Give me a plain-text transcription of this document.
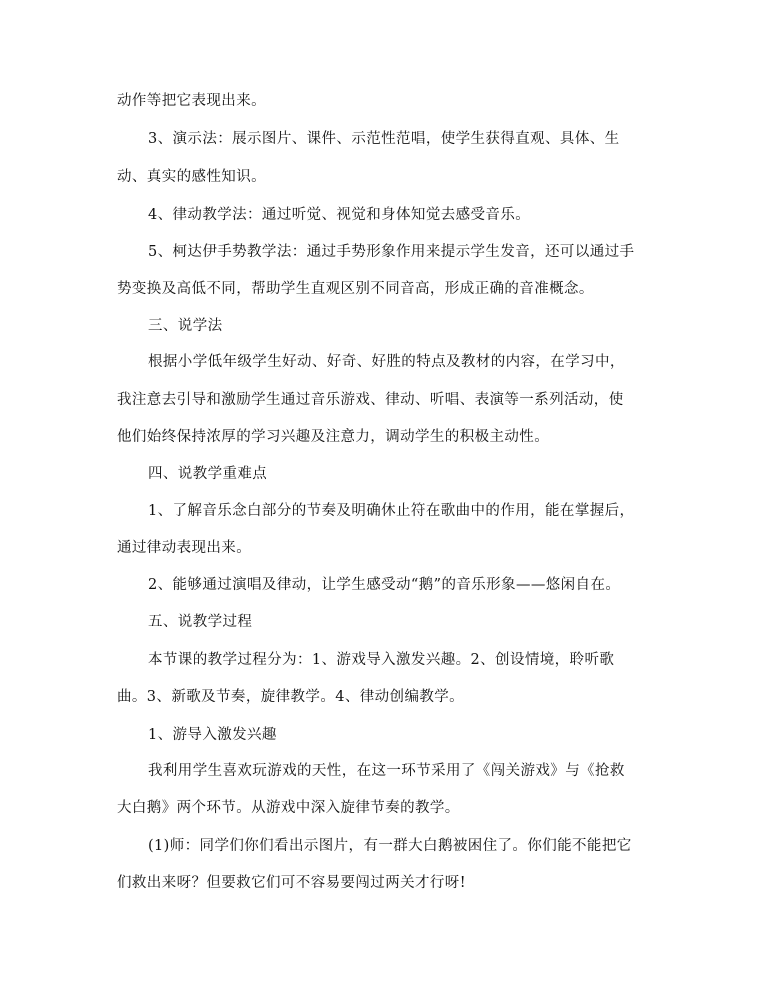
动作等把它表现出来。
3、演示法：展示图片、课件、示范性范唱，使学生获得直观、具体、生
动、真实的感性知识。
4、律动教学法：通过听觉、视觉和身体知觉去感受音乐。
5、柯达伊手势教学法：通过手势形象作用来提示学生发音，还可以通过手
势变换及高低不同，帮助学生直观区别不同音高，形成正确的音准概念。
三、说学法
根据小学低年级学生好动、好奇、好胜的特点及教材的内容，在学习中，
我注意去引导和激励学生通过音乐游戏、律动、听唱、表演等一系列活动，使
他们始终保持浓厚的学习兴趣及注意力，调动学生的积极主动性。
四、说教学重难点
1、了解音乐念白部分的节奏及明确休止符在歌曲中的作用，能在掌握后，
通过律动表现出来。
2、能够通过演唱及律动，让学生感受动“鹅”的音乐形象——悠闲自在。
五、说教学过程
本节课的教学过程分为：1、游戏导入激发兴趣。2、创设情境，聆听歌
曲。3、新歌及节奏，旋律教学。4、律动创编教学。
1、游导入激发兴趣
我利用学生喜欢玩游戏的天性，在这一环节采用了《闯关游戏》与《抢救
大白鹅》两个环节。从游戏中深入旋律节奏的教学。
(1)师：同学们你们看出示图片，有一群大白鹅被困住了。你们能不能把它
们救出来呀？但要救它们可不容易要闯过两关才行呀!
